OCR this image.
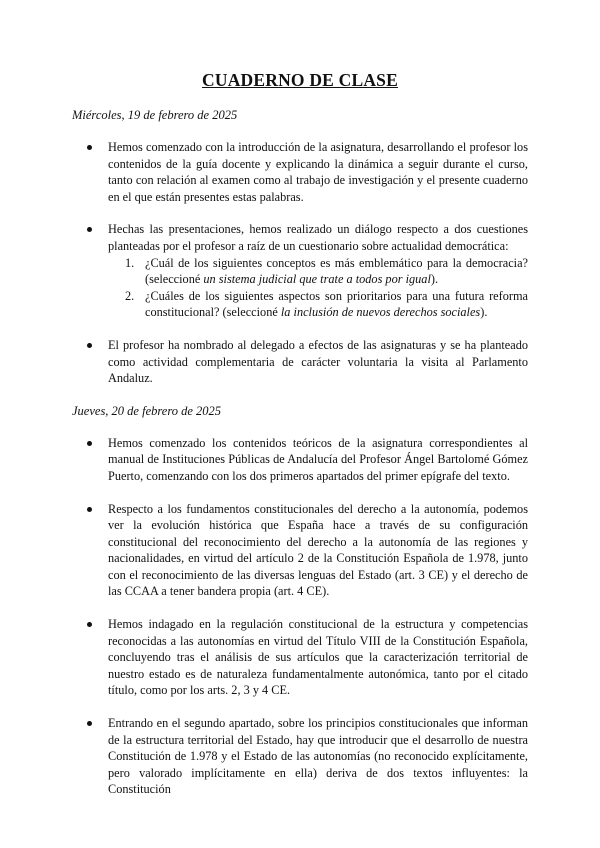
CUADERNO DE CLASE

Miércoles, 19 de febrero de 2025

Hemos comenzado con la introducción de la asignatura, desarrollando el profesor los contenidos de la guía docente y explicando la dinámica a seguir durante el curso, tanto con relación al examen como al trabajo de investigación y el presente cuaderno en el que están presentes estas palabras.
Hechas las presentaciones, hemos realizado un diálogo respecto a dos cuestiones planteadas por el profesor a raíz de un cuestionario sobre actualidad democrática:
1. ¿Cuál de los siguientes conceptos es más emblemático para la democracia? (seleccioné un sistema judicial que trate a todos por igual).
2. ¿Cuáles de los siguientes aspectos son prioritarios para una futura reforma constitucional? (seleccioné la inclusión de nuevos derechos sociales).
El profesor ha nombrado al delegado a efectos de las asignaturas y se ha planteado como actividad complementaria de carácter voluntaria la visita al Parlamento Andaluz.

Jueves, 20 de febrero de 2025

Hemos comenzado los contenidos teóricos de la asignatura correspondientes al manual de Instituciones Públicas de Andalucía del Profesor Ángel Bartolomé Gómez Puerto, comenzando con los dos primeros apartados del primer epígrafe del texto.
Respecto a los fundamentos constitucionales del derecho a la autonomía, podemos ver la evolución histórica que España hace a través de su configuración constitucional del reconocimiento del derecho a la autonomía de las regiones y nacionalidades, en virtud del artículo 2 de la Constitución Española de 1.978, junto con el reconocimiento de las diversas lenguas del Estado (art. 3 CE) y el derecho de las CCAA a tener bandera propia (art. 4 CE).
Hemos indagado en la regulación constitucional de la estructura y competencias reconocidas a las autonomías en virtud del Título VIII de la Constitución Española, concluyendo tras el análisis de sus artículos que la caracterización territorial de nuestro estado es de naturaleza fundamentalmente autonómica, tanto por el citado título, como por los arts. 2, 3 y 4 CE.
Entrando en el segundo apartado, sobre los principios constitucionales que informan de la estructura territorial del Estado, hay que introducir que el desarrollo de nuestra Constitución de 1.978 y el Estado de las autonomías (no reconocido explícitamente, pero valorado implícitamente en ella) deriva de dos textos influyentes: la Constitución
